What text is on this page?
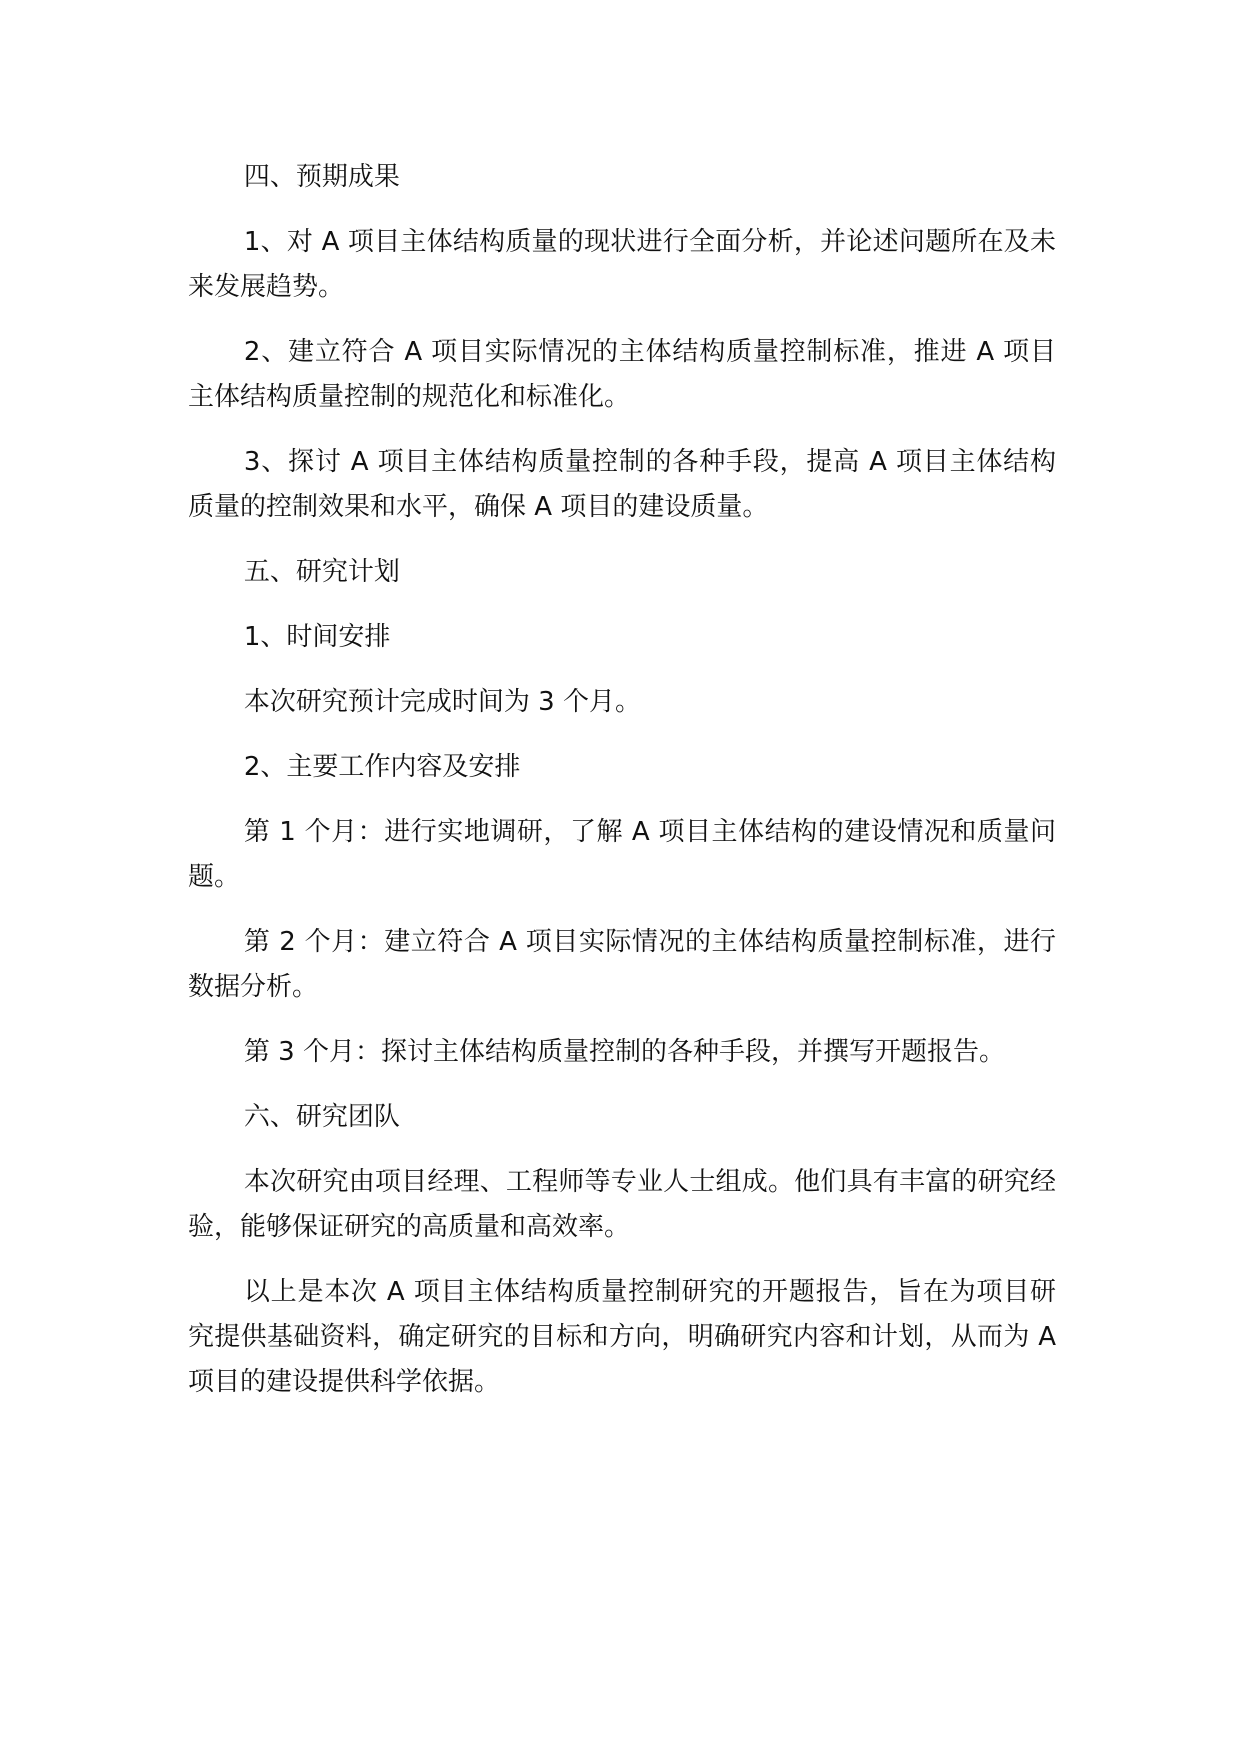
四、预期成果

1、对 A 项目主体结构质量的现状进行全面分析，并论述问题所在及未来发展趋势。

2、建立符合 A 项目实际情况的主体结构质量控制标准，推进 A 项目主体结构质量控制的规范化和标准化。

3、探讨 A 项目主体结构质量控制的各种手段，提高 A 项目主体结构质量的控制效果和水平，确保 A 项目的建设质量。

五、研究计划

1、时间安排

本次研究预计完成时间为 3 个月。

2、主要工作内容及安排

第 1 个月：进行实地调研，了解 A 项目主体结构的建设情况和质量问题。

第 2 个月：建立符合 A 项目实际情况的主体结构质量控制标准，进行数据分析。

第 3 个月：探讨主体结构质量控制的各种手段，并撰写开题报告。

六、研究团队

本次研究由项目经理、工程师等专业人士组成。他们具有丰富的研究经验，能够保证研究的高质量和高效率。

以上是本次 A 项目主体结构质量控制研究的开题报告，旨在为项目研究提供基础资料，确定研究的目标和方向，明确研究内容和计划，从而为 A 项目的建设提供科学依据。
